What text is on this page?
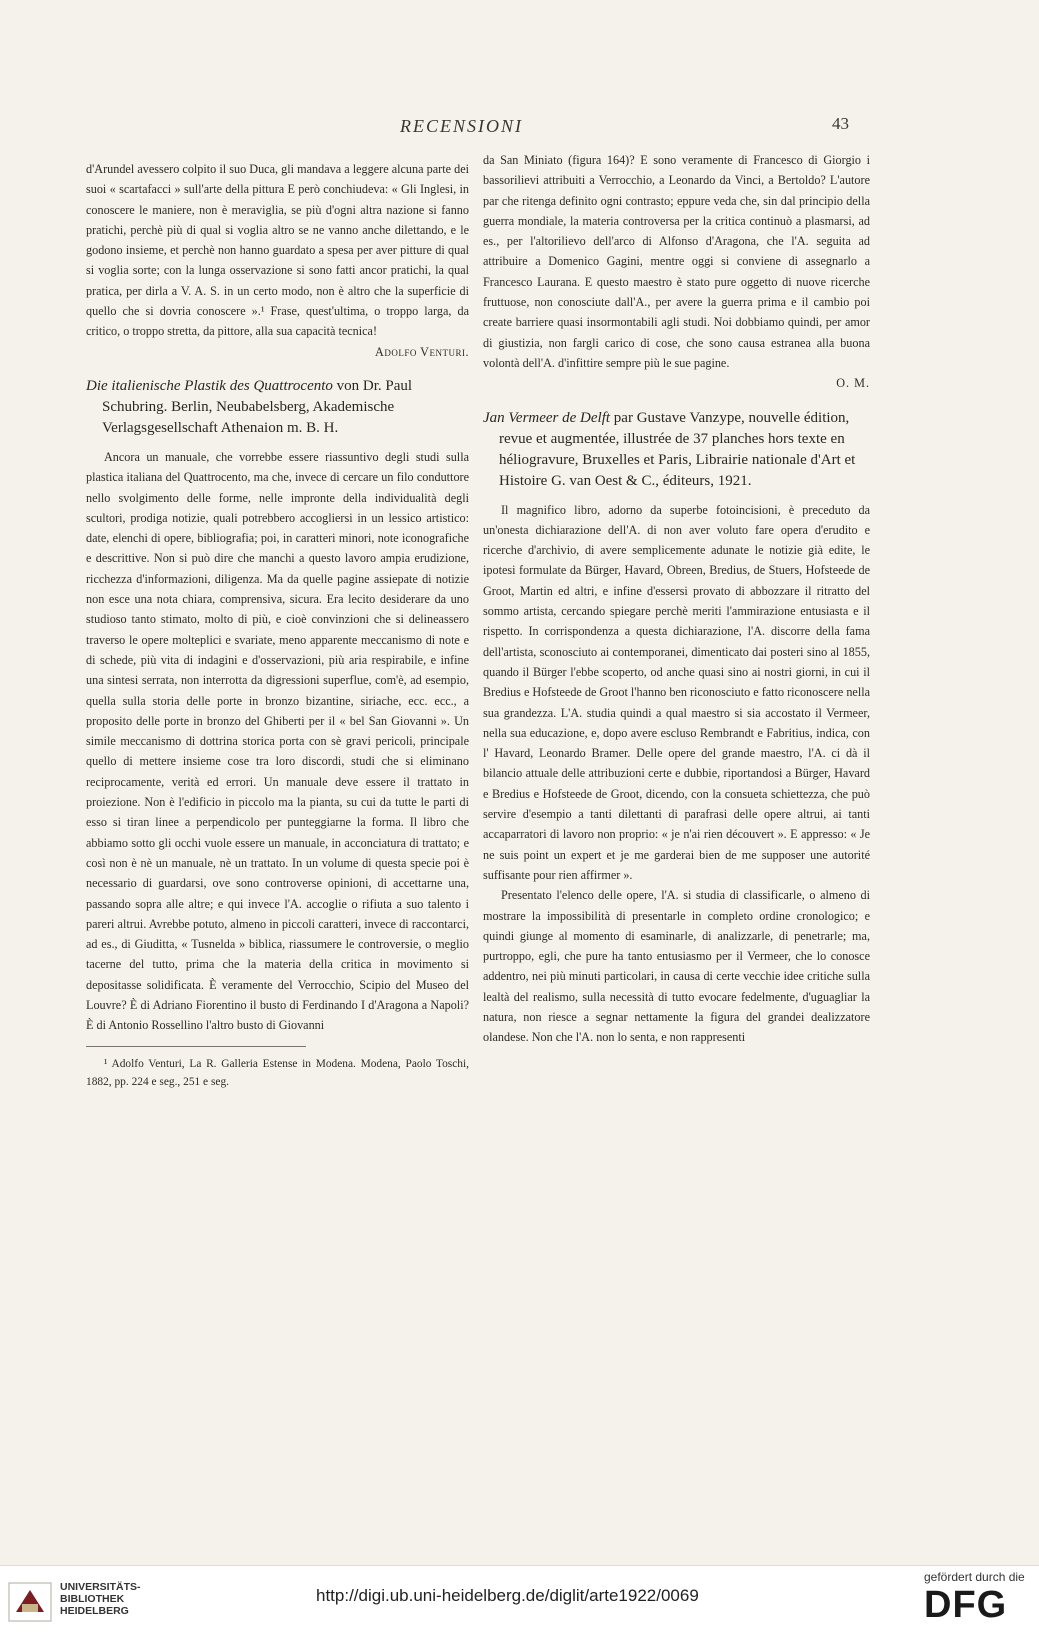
RECENSIONI	43

d'Arundel avessero colpito il suo Duca, gli mandava a leggere alcuna parte dei suoi « scartafacci » sull'arte della pittura E però conchiudeva: « Gli Inglesi, in conoscere le maniere, non è meraviglia, se più d'ogni altra nazione si fanno pratichi, perchè più di qual si voglia altro se ne vanno anche dilettando, e le godono insieme, et perchè non hanno guardato a spesa per aver pitture di qual si voglia sorte; con la lunga osservazione si sono fatti ancor pratichi, la qual pratica, per dirla a V. A. S. in un certo modo, non è altro che la superficie di quello che si dovria conoscere ».¹ Frase, quest'ultima, o troppo larga, da critico, o troppo stretta, da pittore, alla sua capacità tecnica!
Adolfo Venturi.

Die italienische Plastik des Quattrocento von Dr. Paul Schubring. Berlin, Neubabelsberg, Akademische Verlagsgesellschaft Athenaion m. B. H.

Ancora un manuale, che vorrebbe essere riassuntivo degli studi sulla plastica italiana del Quattrocento, ma che, invece di cercare un filo conduttore nello svolgimento delle forme, nelle impronte della individualità degli scultori, prodiga notizie, quali potrebbero accogliersi in un lessico artistico: date, elenchi di opere, bibliografia; poi, in caratteri minori, note iconografiche e descrittive. Non si può dire che manchi a questo lavoro ampia erudizione, ricchezza d'informazioni, diligenza. Ma da quelle pagine assiepate di notizie non esce una nota chiara, comprensiva, sicura. Era lecito desiderare da uno studioso tanto stimato, molto di più, e cioè convinzioni che si delineassero traverso le opere molteplici e svariate, meno apparente meccanismo di note e di schede, più vita di indagini e d'osservazioni, più aria respirabile, e infine una sintesi serrata, non interrotta da digressioni superflue, com'è, ad esempio, quella sulla storia delle porte in bronzo bizantine, siriache, ecc. ecc., a proposito delle porte in bronzo del Ghiberti per il « bel San Giovanni ». Un simile meccanismo di dottrina storica porta con sè gravi pericoli, principale quello di mettere insieme cose tra loro discordi, studi che si eliminano reciprocamente, verità ed errori. Un manuale deve essere il trattato in proiezione. Non è l'edificio in piccolo ma la pianta, su cui da tutte le parti di esso si tiran linee a perpendicolo per punteggiarne la forma. Il libro che abbiamo sotto gli occhi vuole essere un manuale, in acconciatura di trattato; e così non è nè un manuale, nè un trattato. In un volume di questa specie poi è necessario di guardarsi, ove sono controverse opinioni, di accettarne una, passando sopra alle altre; e qui invece l'A. accoglie o rifiuta a suo talento i pareri altrui. Avrebbe potuto, almeno in piccoli caratteri, invece di raccontarci, ad es., di Giuditta, « Tusnelda » biblica, riassumere le controversie, o meglio tacerne del tutto, prima che la materia della critica in movimento si depositasse solidificata. È veramente del Verrocchio, Scipio del Museo del Louvre? È di Adriano Fiorentino il busto di Ferdinando I d'Aragona a Napoli? È di Antonio Rossellino l'altro busto di Giovanni

¹ Adolfo Venturi, La R. Galleria Estense in Modena. Modena, Paolo Toschi, 1882, pp. 224 e seg., 251 e seg.

da San Miniato (figura 164)? E sono veramente di Francesco di Giorgio i bassorilievi attribuiti a Verrocchio, a Leonardo da Vinci, a Bertoldo? L'autore par che ritenga definito ogni contrasto; eppure veda che, sin dal principio della guerra mondiale, la materia controversa per la critica continuò a plasmarsi, ad es., per l'altorilievo dell'arco di Alfonso d'Aragona, che l'A. seguita ad attribuire a Domenico Gagini, mentre oggi si conviene di assegnarlo a Francesco Laurana. E questo maestro è stato pure oggetto di nuove ricerche fruttuose, non conosciute dall'A., per avere la guerra prima e il cambio poi create barriere quasi insormontabili agli studi. Noi dobbiamo quindi, per amor di giustizia, non fargli carico di cose, che sono causa estranea alla buona volontà dell'A. d'infittire sempre più le sue pagine.

O. M.

Jan Vermeer de Delft par Gustave Vanzype, nouvelle édition, revue et augmentée, illustrée de 37 planches hors texte en héliogravure, Bruxelles et Paris, Librairie nationale d'Art et Histoire G. van Oest & C., éditeurs, 1921.

Il magnifico libro, adorno da superbe fotoincisioni, è preceduto da un'onesta dichiarazione dell'A. di non aver voluto fare opera d'erudito e ricerche d'archivio, di avere semplicemente adunate le notizie già edite, le ipotesi formulate da Bürger, Havard, Obreen, Bredius, de Stuers, Hofsteede de Groot, Martin ed altri, e infine d'essersi provato di abbozzare il ritratto del sommo artista, cercando spiegare perchè meriti l'ammirazione entusiasta e il rispetto. In corrispondenza a questa dichiarazione, l'A. discorre della fama dell'artista, sconosciuto ai contemporanei, dimenticato dai posteri sino al 1855, quando il Bürger l'ebbe scoperto, od anche quasi sino ai nostri giorni, in cui il Bredius e Hofsteede de Groot l'hanno ben riconosciuto e fatto riconoscere nella sua grandezza. L'A. studia quindi a qual maestro si sia accostato il Vermeer, nella sua educazione, e, dopo avere escluso Rembrandt e Fabritius, indica, con l' Havard, Leonardo Bramer. Delle opere del grande maestro, l'A. ci dà il bilancio attuale delle attribuzioni certe e dubbie, riportandosi a Bürger, Havard e Bredius e Hofsteede de Groot, dicendo, con la consueta schiettezza, che può servire d'esempio a tanti dilettanti di parafrasi delle opere altrui, ai tanti accaparratori di lavoro non proprio: « je n'ai rien découvert ». E appresso: « Je ne suis point un expert et je me garderai bien de me supposer une autorité suffisante pour rien affirmer ».

Presentato l'elenco delle opere, l'A. si studia di classificarle, o almeno di mostrare la impossibilità di presentarle in completo ordine cronologico; e quindi giunge al momento di esaminarle, di analizzarle, di penetrarle; ma, purtroppo, egli, che pure ha tanto entusiasmo per il Vermeer, che lo conosce addentro, nei più minuti particolari, in causa di certe vecchie idee critiche sulla lealtà del realismo, sulla necessità di tutto evocare fedelmente, d'uguagliar la natura, non riesce a segnar nettamente la figura del grandei dealizzatore olandese. Non che l'A. non lo senta, e non rappresenti

UNIVERSITÄTS-
BIBLIOTHEK
HEIDELBERG
http://digi.ub.uni-heidelberg.de/diglit/arte1922/0069
gefördert durch die
DFG
